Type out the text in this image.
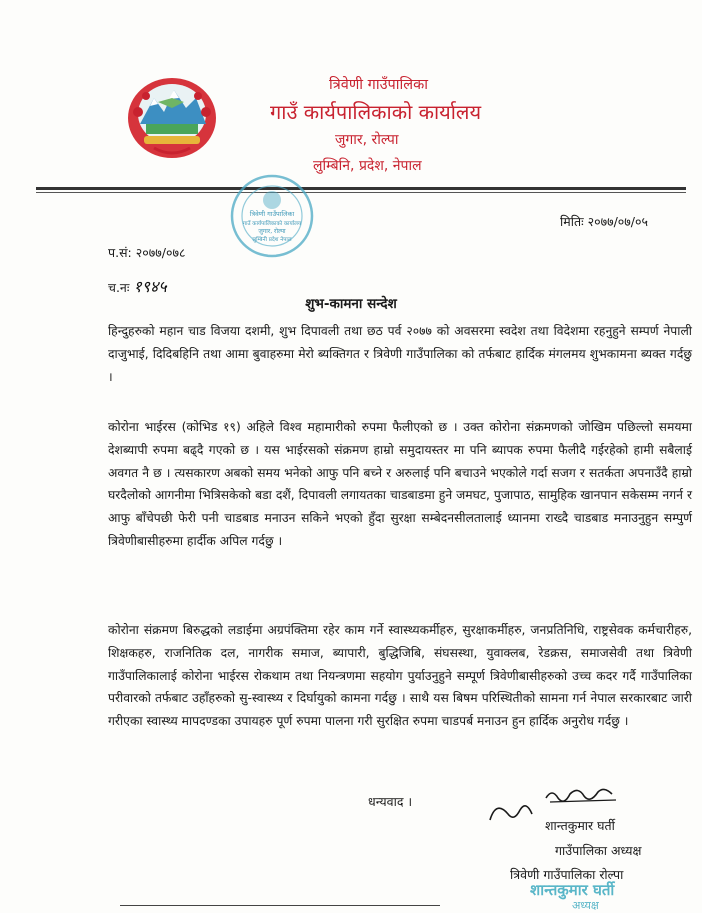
त्रिवेणी गाउँपालिका
गाउँ कार्यपालिकाको कार्यालय
जुगार, रोल्पा
लुम्बिनि, प्रदेश, नेपाल
त्रिवेणी गाउँपालिका
गाउँ कार्यपालिकाको कार्यालय
जुगार, रोल्पा
लुम्बिनी प्रदेश नेपाल
मितिः २०७७/०७/०५
प.सं: २०७७/०७८
च.नः १९४५
शुभ-कामना सन्देश
हिन्दुहरुको महान चाड विजया दशमी, शुभ दिपावली तथा छठ पर्व २०७७ को अवसरमा स्वदेश तथा विदेशमा रहनुहुने सम्पर्ण नेपाली दाजुभाई, दिदिबहिनि तथा आमा बुवाहरुमा मेरो ब्यक्तिगत र त्रिवेणी गाउँपालिका को तर्फबाट हार्दिक मंगलमय शुभकामना ब्यक्त गर्दछु ।
कोरोना भाईरस (कोभिड १९) अहिले विश्व महामारीको रुपमा फैलीएको छ । उक्त कोरोना संक्रमणको जोखिम पछिल्लो समयमा देशब्यापी रुपमा बढ्दै गएको छ । यस भाईरसको संक्रमण हाम्रो समुदायस्तर मा पनि ब्यापक रुपमा फैलीदै गईरहेको हामी सबैलाई अवगत नै छ । त्यसकारण अबको समय भनेको आफु पनि बच्ने र अरुलाई पनि बचाउने भएकोले गर्दा सजग र सतर्कता अपनाउँदै हाम्रो घरदैलोको आगनीमा भित्रिसकेको बडा दशैं, दिपावली लगायतका चाडबाडमा हुने जमघट, पुजापाठ, सामुहिक खानपान सकेसम्म नगर्न र आफु बाँचेपछी फेरी पनी चाडबाड मनाउन सकिने भएको हुँदा सुरक्षा सम्बेदनसीलतालाई ध्यानमा राख्दै चाडबाड मनाउनुहुन सम्पुर्ण त्रिवेणीबासीहरुमा हार्दीक अपिल गर्दछु ।
कोरोना संक्रमण बिरुद्धको लडाईमा अग्रपंक्तिमा रहेर काम गर्ने स्वास्थ्यकर्मीहरु, सुरक्षाकर्मीहरु, जनप्रतिनिधि, राष्ट्रसेवक कर्मचारीहरु, शिक्षकहरु, राजनितिक दल, नागरीक समाज, ब्यापारी, बुद्धिजिबि, संघसस्था, युवाक्लब, रेडक्रस, समाजसेवी तथा त्रिवेणी गाउँपालिकालाई कोरोना भाईरस रोकथाम तथा नियन्त्रणमा सहयोग पुर्याउनुहुने सम्पूर्ण त्रिवेणीबासीहरुको उच्च कदर गर्दै गाउँपालिका परीवारको तर्फबाट उहाँहरुको सु-स्वास्थ्य र दिर्घायुको कामना गर्दछु । साथै यस बिषम परिस्थितीको सामना गर्न नेपाल सरकारबाट जारी गरीएका स्वास्थ्य मापदण्डका उपायहरु पूर्ण रुपमा पालना गरी सुरक्षित रुपमा चाडपर्ब मनाउन हुन हार्दिक अनुरोध गर्दछु ।
धन्यवाद ।
शान्तकुमार घर्ती
गाउँपालिका अध्यक्ष
त्रिवेणी गाउँपालिका रोल्पा
शान्तकुमार घर्ती
अध्यक्ष
